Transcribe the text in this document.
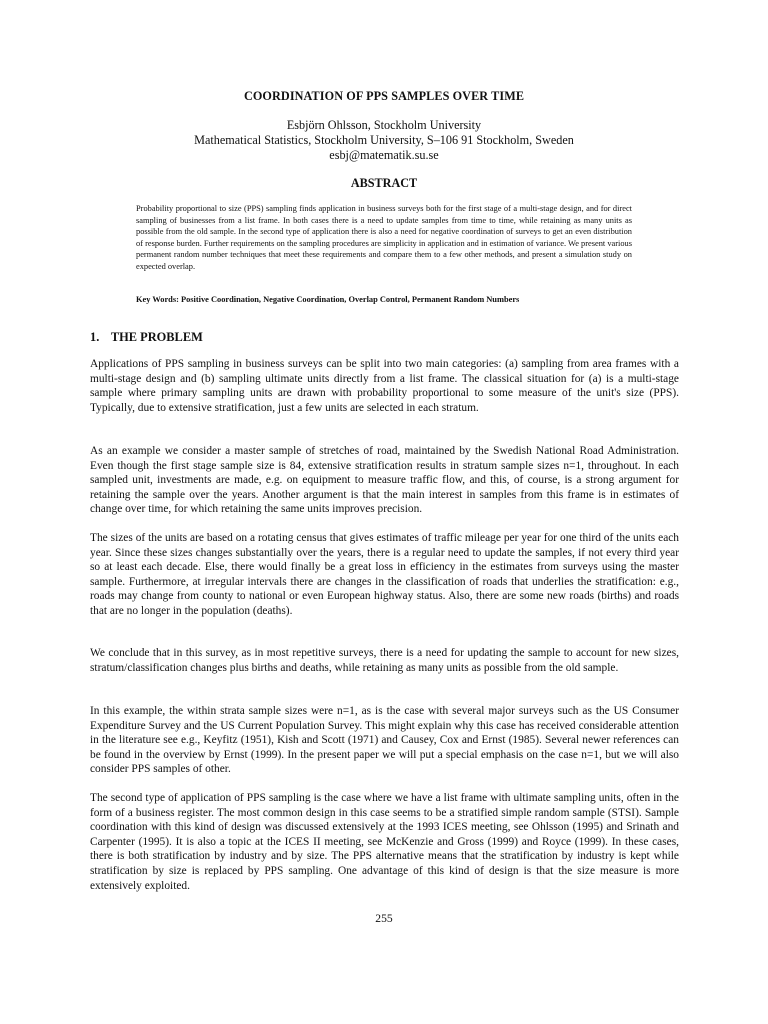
COORDINATION OF PPS SAMPLES OVER TIME
Esbjörn Ohlsson, Stockholm University
Mathematical Statistics, Stockholm University, S–106 91 Stockholm, Sweden
esbj@matematik.su.se
ABSTRACT

Probability proportional to size (PPS) sampling finds application in business surveys both for the first stage of a multi-stage design, and for direct sampling of businesses from a list frame. In both cases there is a need to update samples from time to time, while retaining as many units as possible from the old sample. In the second type of application there is also a need for negative coordination of surveys to get an even distribution of response burden. Further requirements on the sampling procedures are simplicity in application and in estimation of variance. We present various permanent random number techniques that meet these requirements and compare them to a few other methods, and present a simulation study on expected overlap.

Key Words: Positive Coordination, Negative Coordination, Overlap Control, Permanent Random Numbers

1. THE PROBLEM

Applications of PPS sampling in business surveys can be split into two main categories: (a) sampling from area frames with a multi-stage design and (b) sampling ultimate units directly from a list frame. The classical situation for (a) is a multi-stage sample where primary sampling units are drawn with probability proportional to some measure of the unit's size (PPS). Typically, due to extensive stratification, just a few units are selected in each stratum.

As an example we consider a master sample of stretches of road, maintained by the Swedish National Road Administration. Even though the first stage sample size is 84, extensive stratification results in stratum sample sizes n=1, throughout. In each sampled unit, investments are made, e.g. on equipment to measure traffic flow, and this, of course, is a strong argument for retaining the sample over the years. Another argument is that the main interest in samples from this frame is in estimates of change over time, for which retaining the same units improves precision.

The sizes of the units are based on a rotating census that gives estimates of traffic mileage per year for one third of the units each year. Since these sizes changes substantially over the years, there is a regular need to update the samples, if not every third year so at least each decade. Else, there would finally be a great loss in efficiency in the estimates from surveys using the master sample. Furthermore, at irregular intervals there are changes in the classification of roads that underlies the stratification: e.g., roads may change from county to national or even European highway status. Also, there are some new roads (births) and roads that are no longer in the population (deaths).

We conclude that in this survey, as in most repetitive surveys, there is a need for updating the sample to account for new sizes, stratum/classification changes plus births and deaths, while retaining as many units as possible from the old sample.

In this example, the within strata sample sizes were n=1, as is the case with several major surveys such as the US Consumer Expenditure Survey and the US Current Population Survey. This might explain why this case has received considerable attention in the literature see e.g., Keyfitz (1951), Kish and Scott (1971) and Causey, Cox and Ernst (1985). Several newer references can be found in the overview by Ernst (1999). In the present paper we will put a special emphasis on the case n=1, but we will also consider PPS samples of other.

The second type of application of PPS sampling is the case where we have a list frame with ultimate sampling units, often in the form of a business register. The most common design in this case seems to be a stratified simple random sample (STSI). Sample coordination with this kind of design was discussed extensively at the 1993 ICES meeting, see Ohlsson (1995) and Srinath and Carpenter (1995). It is also a topic at the ICES II meeting, see McKenzie and Gross (1999) and Royce (1999). In these cases, there is both stratification by industry and by size. The PPS alternative means that the stratification by industry is kept while stratification by size is replaced by PPS sampling. One advantage of this kind of design is that the size measure is more extensively exploited.

255
